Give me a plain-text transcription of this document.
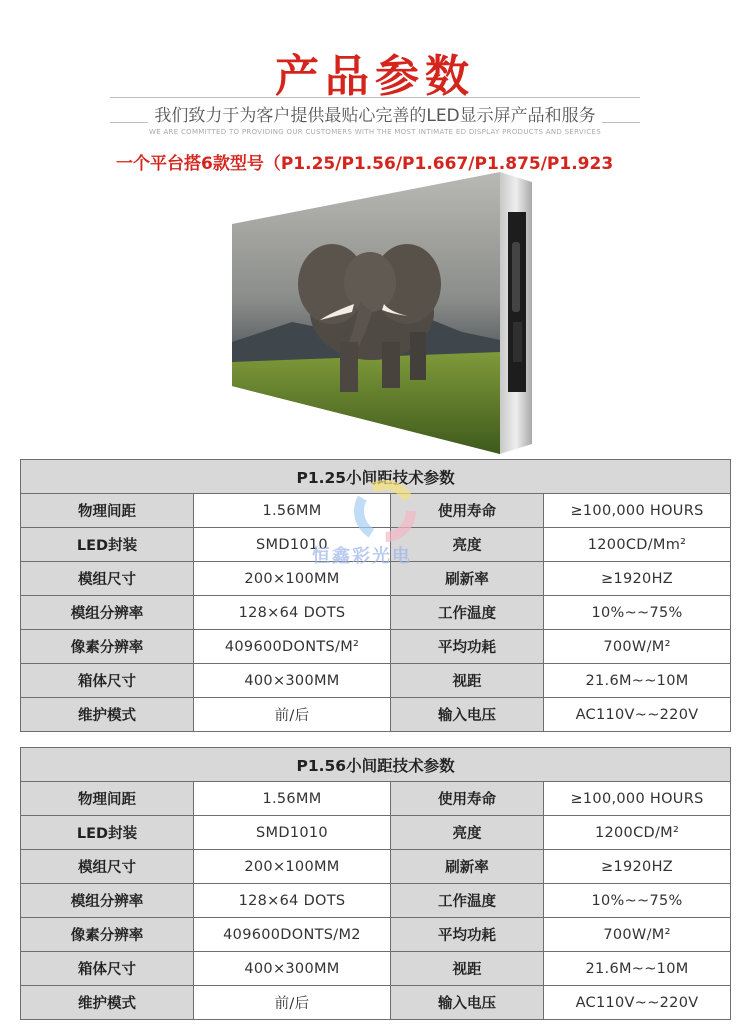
产品参数
我们致力于为客户提供最贴心完善的LED显示屏产品和服务
WE ARE COMMITTED TO PROVIDING OUR CUSTOMERS WITH THE MOST INTIMATE ED DISPLAY PRODUCTS AND SERVICES
一个平台搭6款型号（P1.25/P1.56/P1.667/P1.875/P1.923
P1.25小间距技术参数			
物理间距	1.56MM	使用寿命	≥100,000 HOURS
LED封装	SMD1010	亮度	1200CD/Mm²
模组尺寸	200×100MM	刷新率	≥1920HZ
模组分辨率	128×64 DOTS	工作温度	10%~~75%
像素分辨率	409600DONTS/M²	平均功耗	700W/M²
箱体尺寸	400×300MM	视距	21.6M~~10M
维护模式	前/后	输入电压	AC110V~~220V
恒鑫彩光电
P1.56小间距技术参数			
物理间距	1.56MM	使用寿命	≥100,000 HOURS
LED封装	SMD1010	亮度	1200CD/M²
模组尺寸	200×100MM	刷新率	≥1920HZ
模组分辨率	128×64 DOTS	工作温度	10%~~75%
像素分辨率	409600DONTS/M2	平均功耗	700W/M²
箱体尺寸	400×300MM	视距	21.6M~~10M
维护模式	前/后	输入电压	AC110V~~220V
